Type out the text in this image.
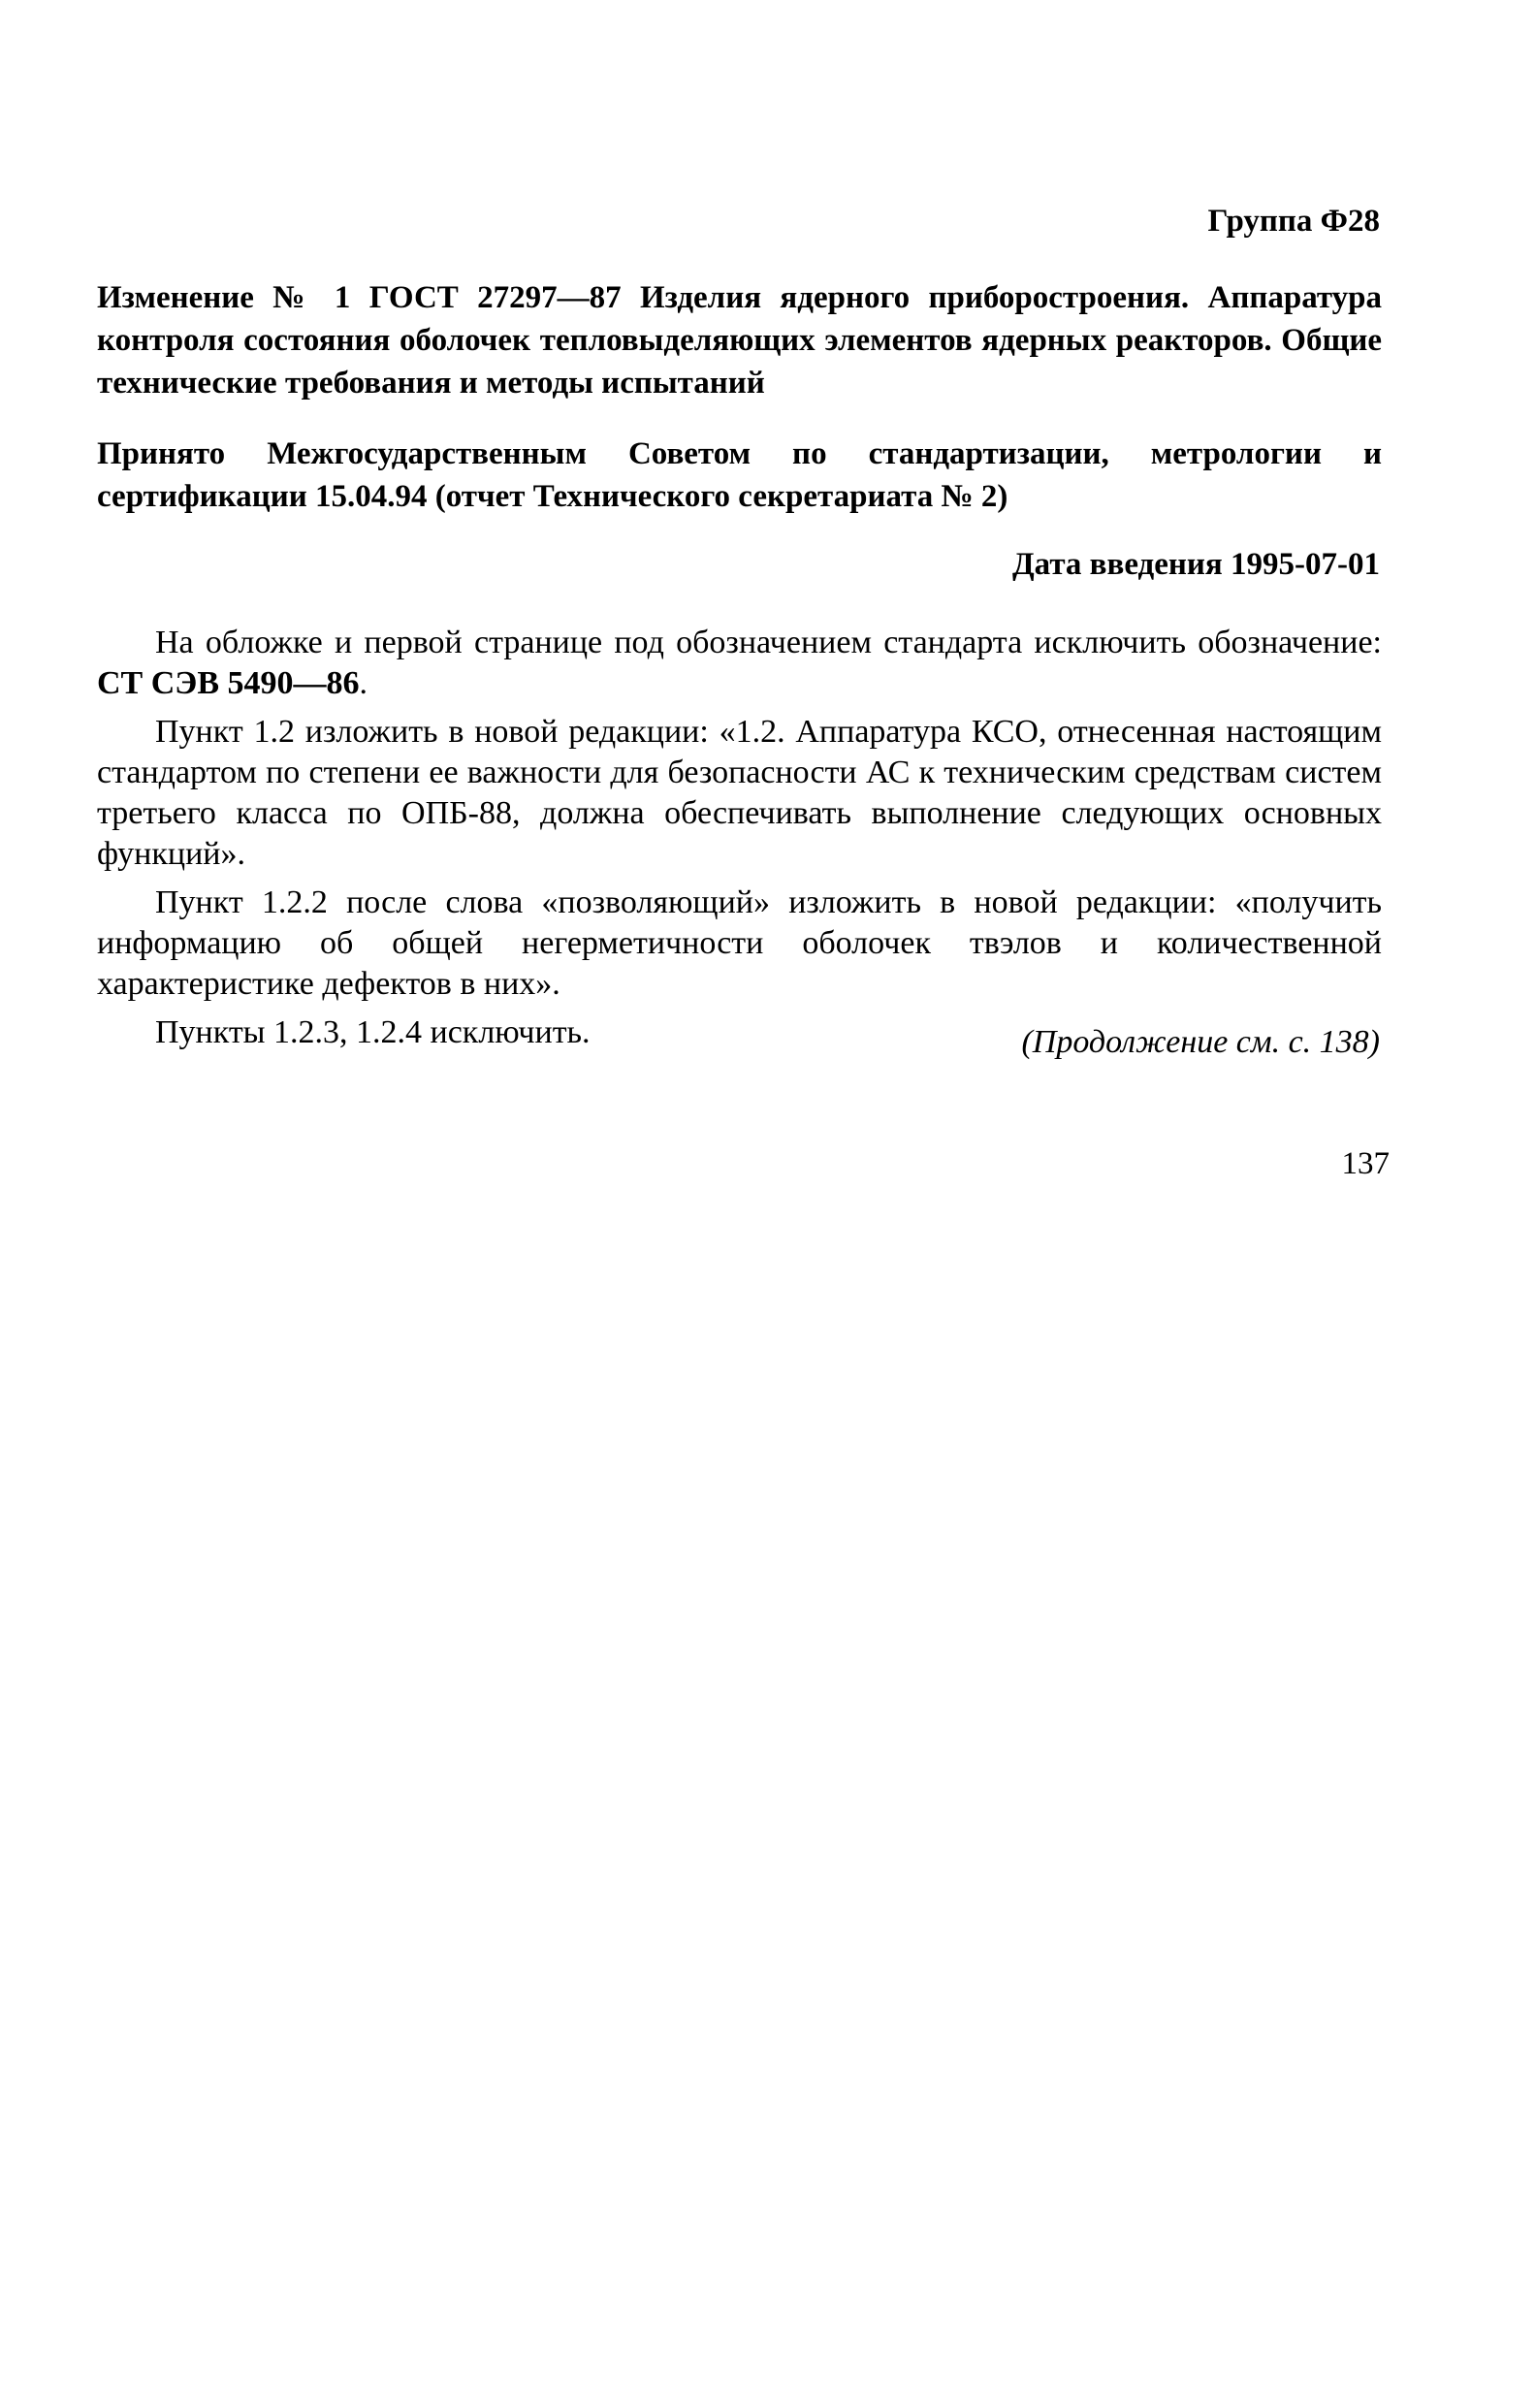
Группа Ф28
Изменение № 1 ГОСТ 27297—87 Изделия ядерного приборостроения. Аппаратура контроля состояния оболочек тепловыделяющих элементов ядерных реакторов. Общие технические требования и методы испытаний
Принято Межгосударственным Советом по стандартизации, метрологии и сертификации 15.04.94 (отчет Технического секретариата № 2)
Дата введения 1995-07-01

На обложке и первой странице под обозначением стандарта исключить обозначение: СТ СЭВ 5490—86.

Пункт 1.2 изложить в новой редакции: «1.2. Аппаратура КСО, отнесенная настоящим стандартом по степени ее важности для безопасности АС к техническим средствам систем третьего класса по ОПБ-88, должна обеспечивать выполнение следующих основных функций».

Пункт 1.2.2 после слова «позволяющий» изложить в новой редакции: «получить информацию об общей негерметичности оболочек твэлов и количественной характеристике дефектов в них».

Пункты 1.2.3, 1.2.4 исключить.	(Продолжение см. с. 138)
137
